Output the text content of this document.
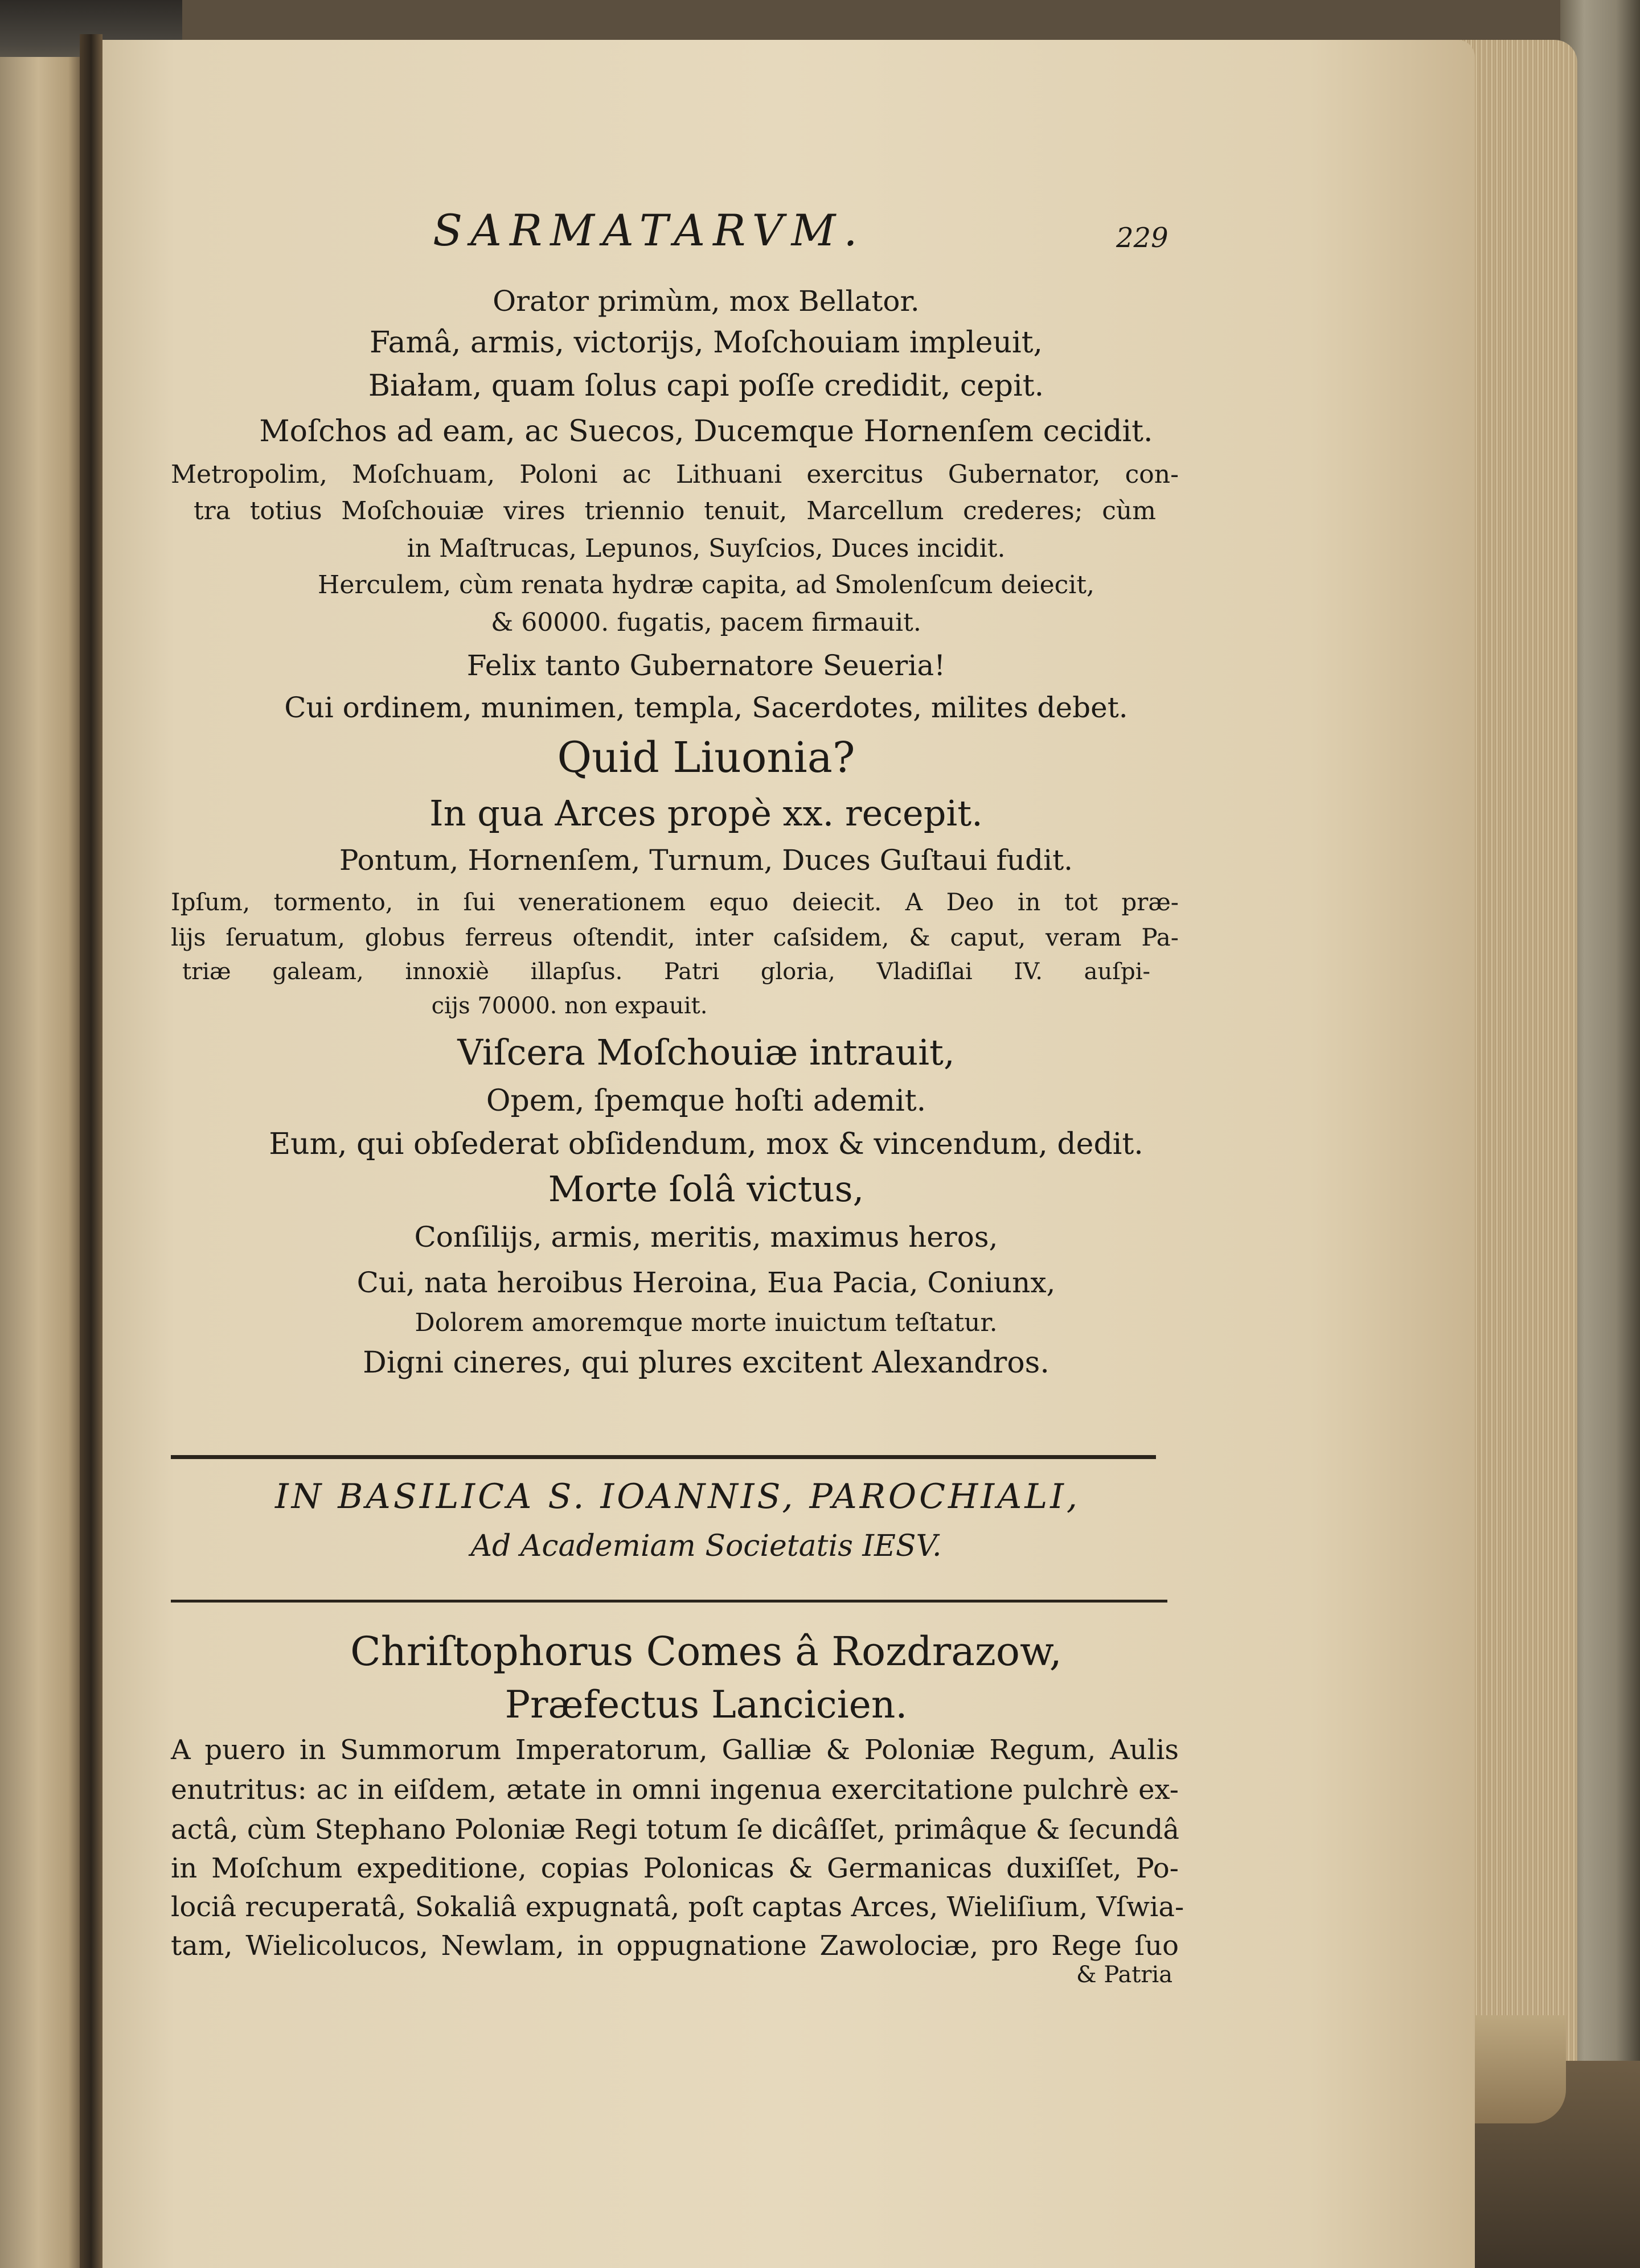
SARMATARVM.	229
Orator primùm, mox Bellator.
Famâ, armis, victorijs, Moſchouiam impleuit,
Białam, quam ſolus capi poſſe credidit, cepit.
Moſchos ad eam, ac Suecos, Ducemque Hornenſem cecidit.
Metropolim, Moſchuam, Poloni ac Lithuani exercitus Gubernator, con-
tra totius Moſchouiæ vires triennio tenuit, Marcellum crederes; cùm
in Maſtrucas, Lepunos, Suyſcios, Duces incidit.
Herculem, cùm renata hydræ capita, ad Smolenſcum deiecit,
& 60000. fugatis, pacem firmauit.
Felix tanto Gubernatore Seueria!
Cui ordinem, munimen, templa, Sacerdotes, milites debet.
Quid Liuonia?
In qua Arces propè xx. recepit.
Pontum, Hornenſem, Turnum, Duces Guſtaui fudit.
Ipſum, tormento, in ſui venerationem equo deiecit. A Deo in tot præ-
lijs ſeruatum, globus ferreus oſtendit, inter caſsidem, & caput, veram Pa-
triæ galeam, innoxiè illapſus. Patri gloria, Vladiſlai IV. auſpi-
cijs 70000. non expauit.
Viſcera Moſchouiæ intrauit,
Opem, ſpemque hoſti ademit.
Eum, qui obſederat obſidendum, mox & vincendum, dedit.
Morte ſolâ victus,
Conſilijs, armis, meritis, maximus heros,
Cui, nata heroibus Heroina, Eua Pacia, Coniunx,
Dolorem amoremque morte inuictum teſtatur.
Digni cineres, qui plures excitent Alexandros.
IN BASILICA S. IOANNIS, PAROCHIALI,
Ad Academiam Societatis IESV.
Chriſtophorus Comes â Rozdrazow,
Præfectus Lancicien.
A puero in Summorum Imperatorum, Galliæ & Poloniæ Regum, Aulis
enutritus: ac in eiſdem, ætate in omni ingenua exercitatione pulchrè ex-
actâ, cùm Stephano Poloniæ Regi totum ſe dicâſſet, primâque & ſecundâ
in Moſchum expeditione, copias Polonicas & Germanicas duxiſſet, Po-
lociâ recuperatâ, Sokaliâ expugnatâ, poſt captas Arces, Wieliſium, Vſwia-
tam, Wielicolucos, Newlam, in oppugnatione Zawolociæ, pro Rege ſuo
& Patria
